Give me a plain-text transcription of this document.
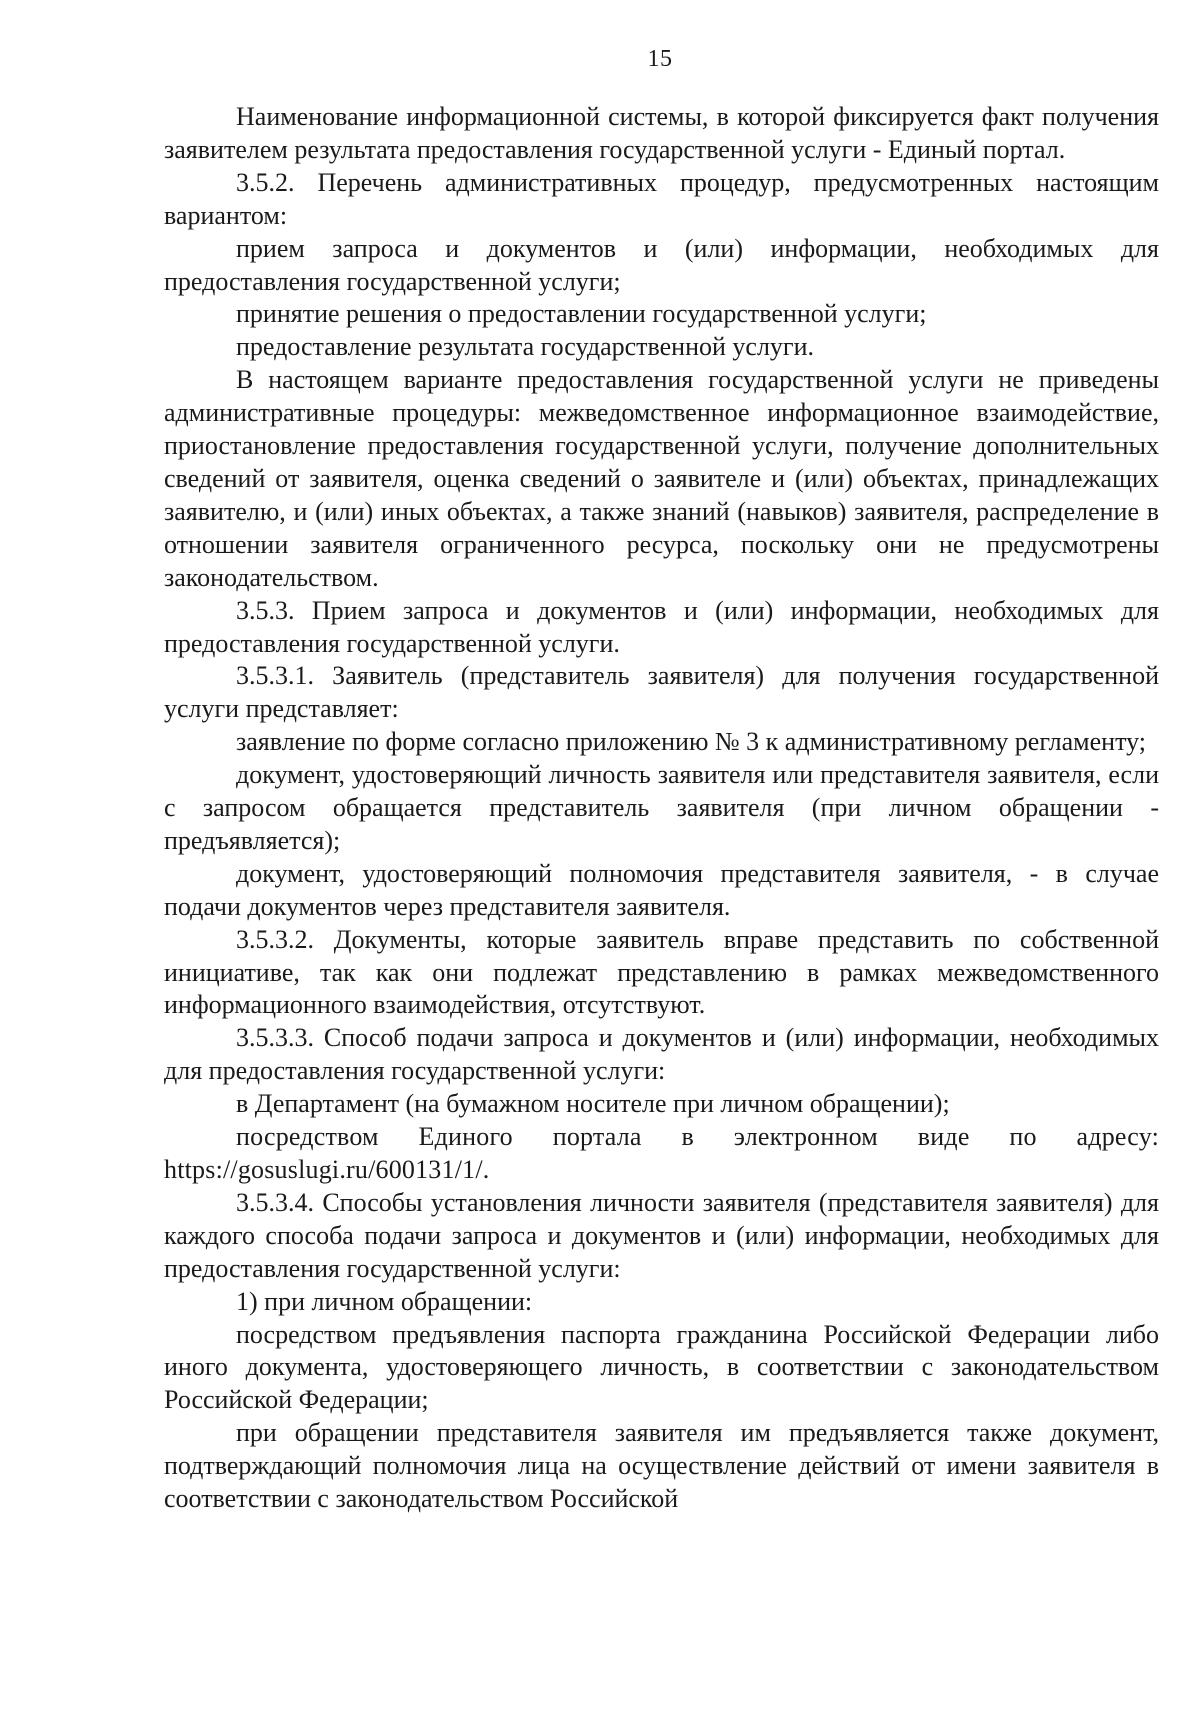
15

Наименование информационной системы, в которой фиксируется факт получения заявителем результата предоставления государственной услуги - Единый портал.

3.5.2. Перечень административных процедур, предусмотренных настоящим вариантом:

прием запроса и документов и (или) информации, необходимых для предоставления государственной услуги;

принятие решения о предоставлении государственной услуги;

предоставление результата государственной услуги.

В настоящем варианте предоставления государственной услуги не приведены административные процедуры: межведомственное информационное взаимодействие, приостановление предоставления государственной услуги, получение дополнительных сведений от заявителя, оценка сведений о заявителе и (или) объектах, принадлежащих заявителю, и (или) иных объектах, а также знаний (навыков) заявителя, распределение в отношении заявителя ограниченного ресурса, поскольку они не предусмотрены законодательством.

3.5.3. Прием запроса и документов и (или) информации, необходимых для предоставления государственной услуги.

3.5.3.1. Заявитель (представитель заявителя) для получения государственной услуги представляет:

заявление по форме согласно приложению № 3 к административному регламенту;

документ, удостоверяющий личность заявителя или представителя заявителя, если с запросом обращается представитель заявителя (при личном обращении - предъявляется);

документ, удостоверяющий полномочия представителя заявителя, - в случае подачи документов через представителя заявителя.

3.5.3.2. Документы, которые заявитель вправе представить по собственной инициативе, так как они подлежат представлению в рамках межведомственного информационного взаимодействия, отсутствуют.

3.5.3.3. Способ подачи запроса и документов и (или) информации, необходимых для предоставления государственной услуги:

в Департамент (на бумажном носителе при личном обращении);

посредством Единого портала в электронном виде по адресу: https://gosuslugi.ru/600131/1/.

3.5.3.4. Способы установления личности заявителя (представителя заявителя) для каждого способа подачи запроса и документов и (или) информации, необходимых для предоставления государственной услуги:

1) при личном обращении:

посредством предъявления паспорта гражданина Российской Федерации либо иного документа, удостоверяющего личность, в соответствии с законодательством Российской Федерации;

при обращении представителя заявителя им предъявляется также документ, подтверждающий полномочия лица на осуществление действий от имени заявителя в соответствии с законодательством Российской
